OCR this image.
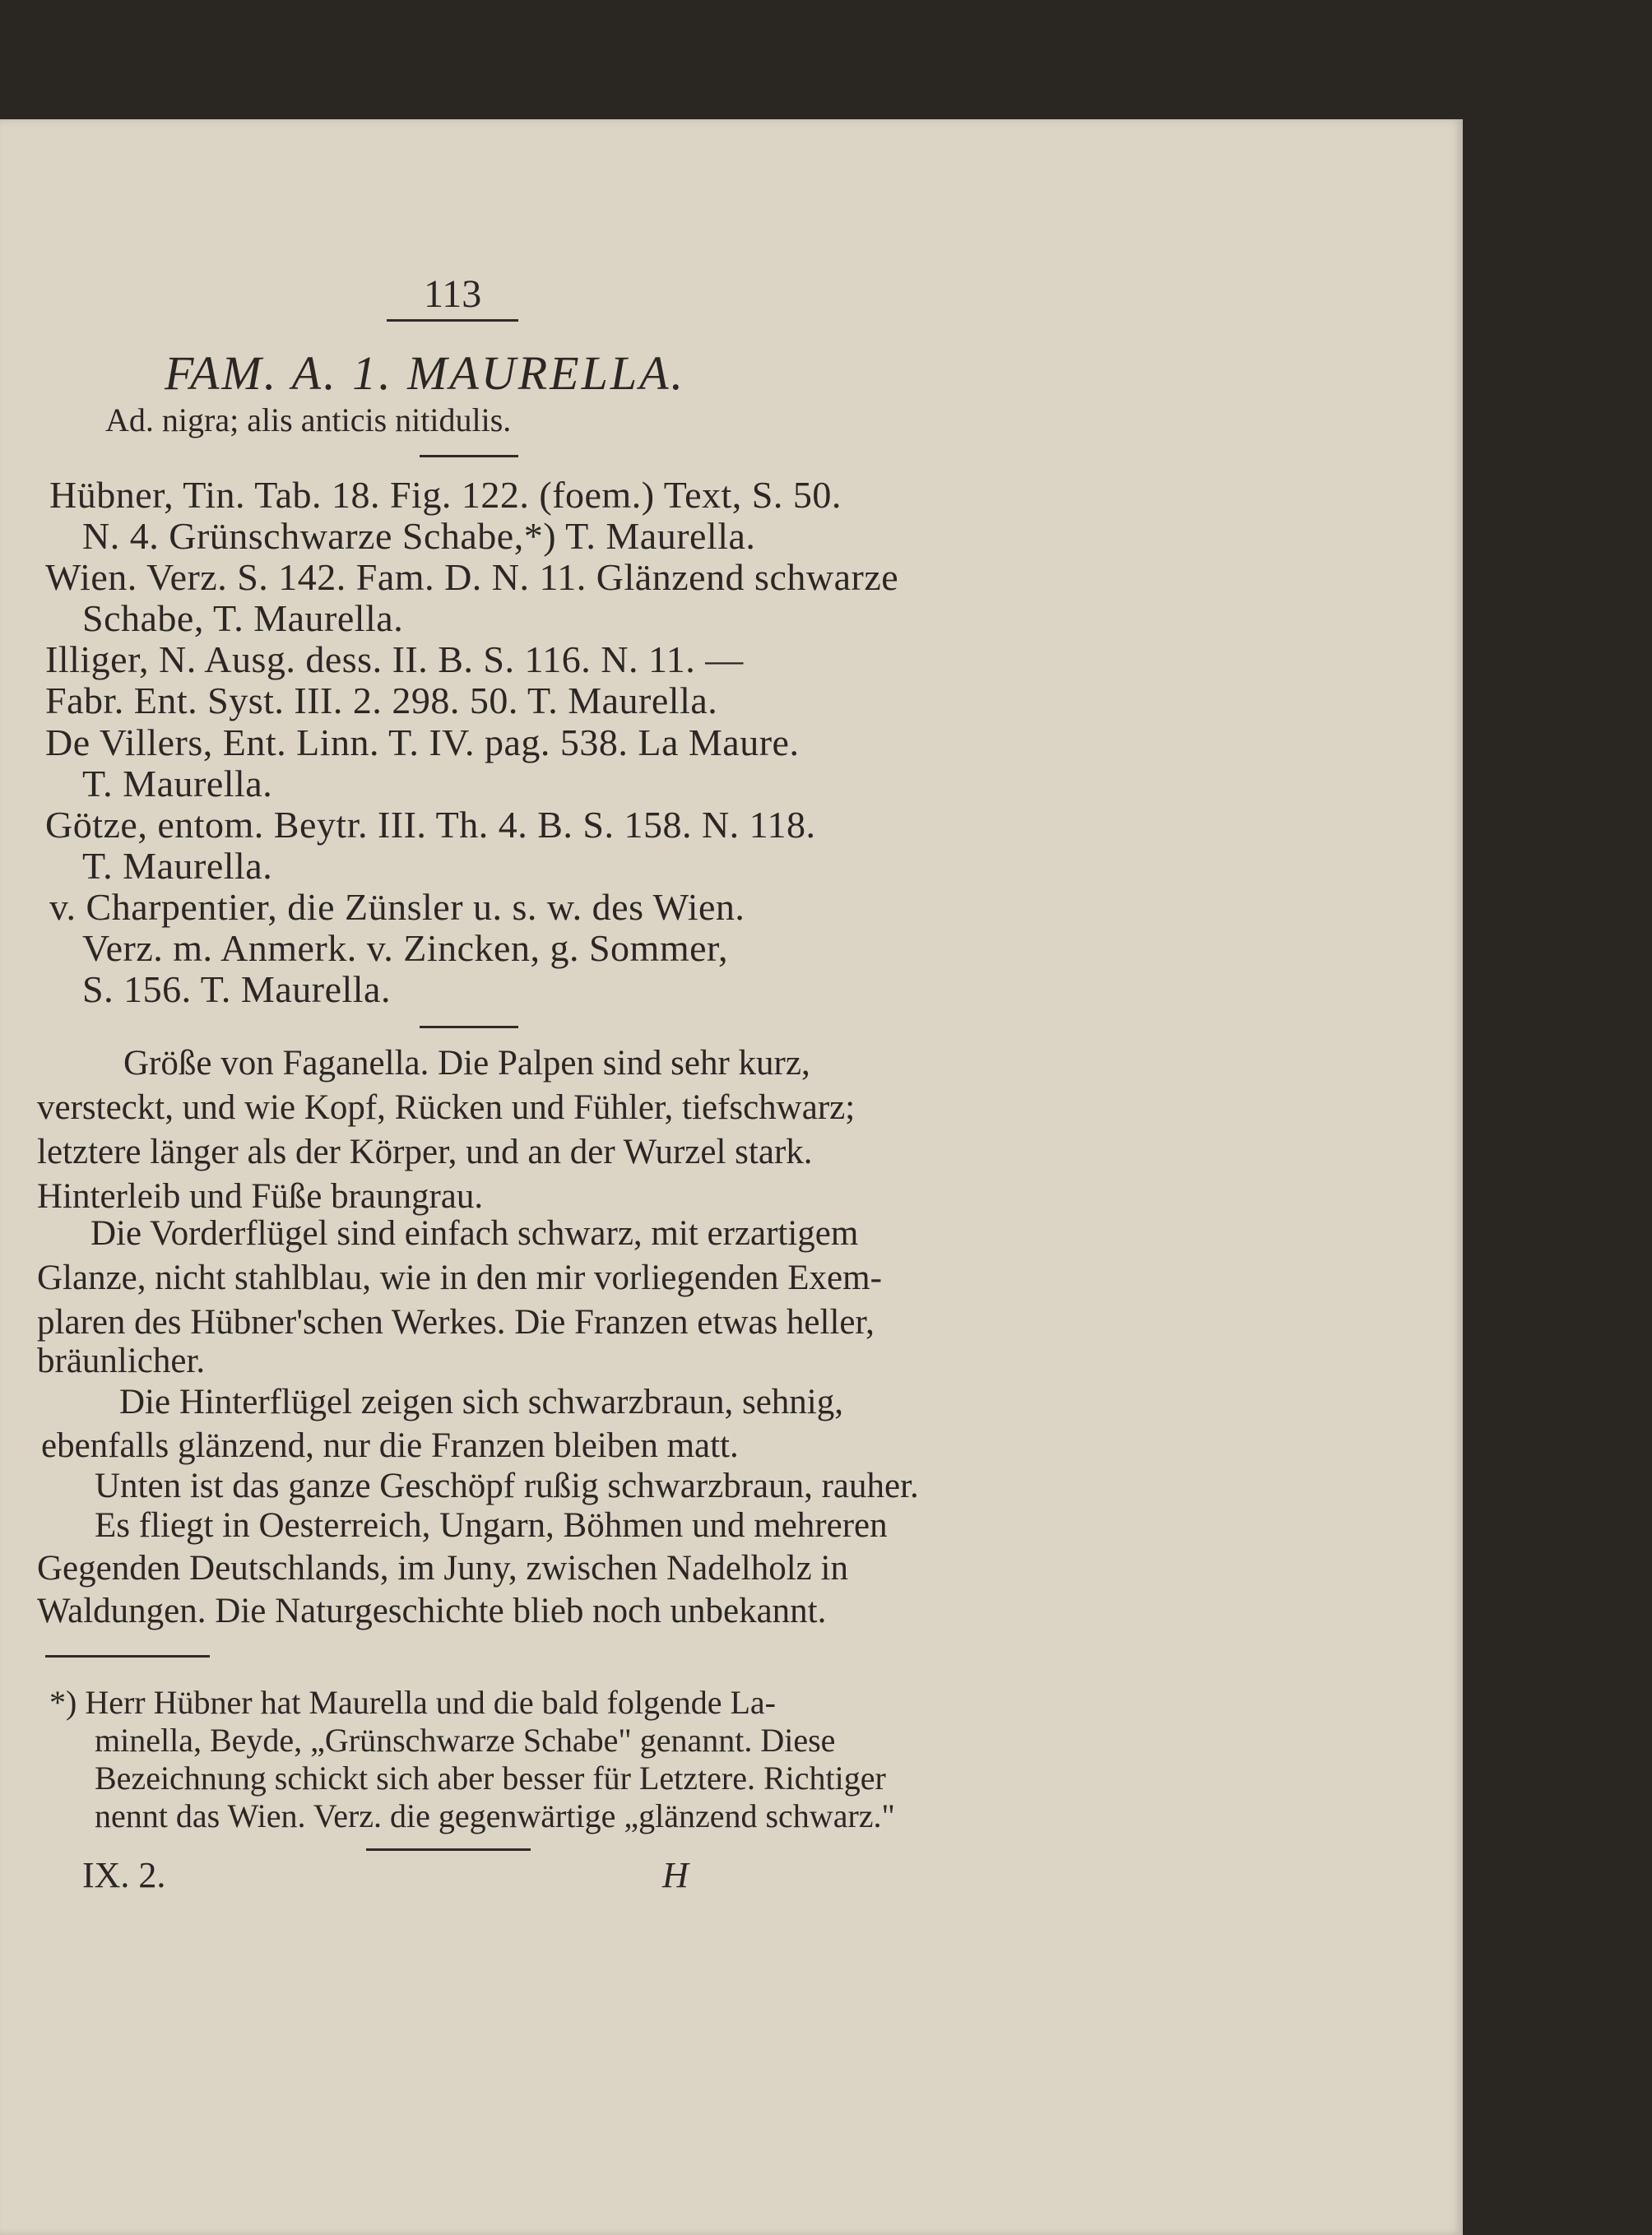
113

FAM. A. 1. MAURELLA.

Ad. nigra; alis anticis nitidulis.

Hübner, Tin. Tab. 18. Fig. 122. (foem.) Text, S. 50.

N. 4. Grünschwarze Schabe,*) T. Maurella.

Wien. Verz. S. 142. Fam. D. N. 11. Glänzend schwarze

Schabe, T. Maurella.

Illiger, N. Ausg. dess. II. B. S. 116. N. 11. —

Fabr. Ent. Syst. III. 2. 298. 50. T. Maurella.

De Villers, Ent. Linn. T. IV. pag. 538. La Maure.

T. Maurella.

Götze, entom. Beytr. III. Th. 4. B. S. 158. N. 118.

T. Maurella.

v. Charpentier, die Zünsler u. s. w. des Wien.

Verz. m. Anmerk. v. Zincken, g. Sommer,

S. 156. T. Maurella.

Größe von Faganella. Die Palpen sind sehr kurz,

versteckt, und wie Kopf, Rücken und Fühler, tiefschwarz;

letztere länger als der Körper, und an der Wurzel stark.

Hinterleib und Füße braungrau.

Die Vorderflügel sind einfach schwarz, mit erzartigem

Glanze, nicht stahlblau, wie in den mir vorliegenden Exem-

plaren des Hübner'schen Werkes. Die Franzen etwas heller,

bräunlicher.

Die Hinterflügel zeigen sich schwarzbraun, sehnig,

ebenfalls glänzend, nur die Franzen bleiben matt.

Unten ist das ganze Geschöpf rußig schwarzbraun, rauher.

Es fliegt in Oesterreich, Ungarn, Böhmen und mehreren

Gegenden Deutschlands, im Juny, zwischen Nadelholz in

Waldungen. Die Naturgeschichte blieb noch unbekannt.

*) Herr Hübner hat Maurella und die bald folgende La-

minella, Beyde, „Grünschwarze Schabe" genannt. Diese

Bezeichnung schickt sich aber besser für Letztere. Richtiger

nennt das Wien. Verz. die gegenwärtige „glänzend schwarz."

IX. 2.	H
